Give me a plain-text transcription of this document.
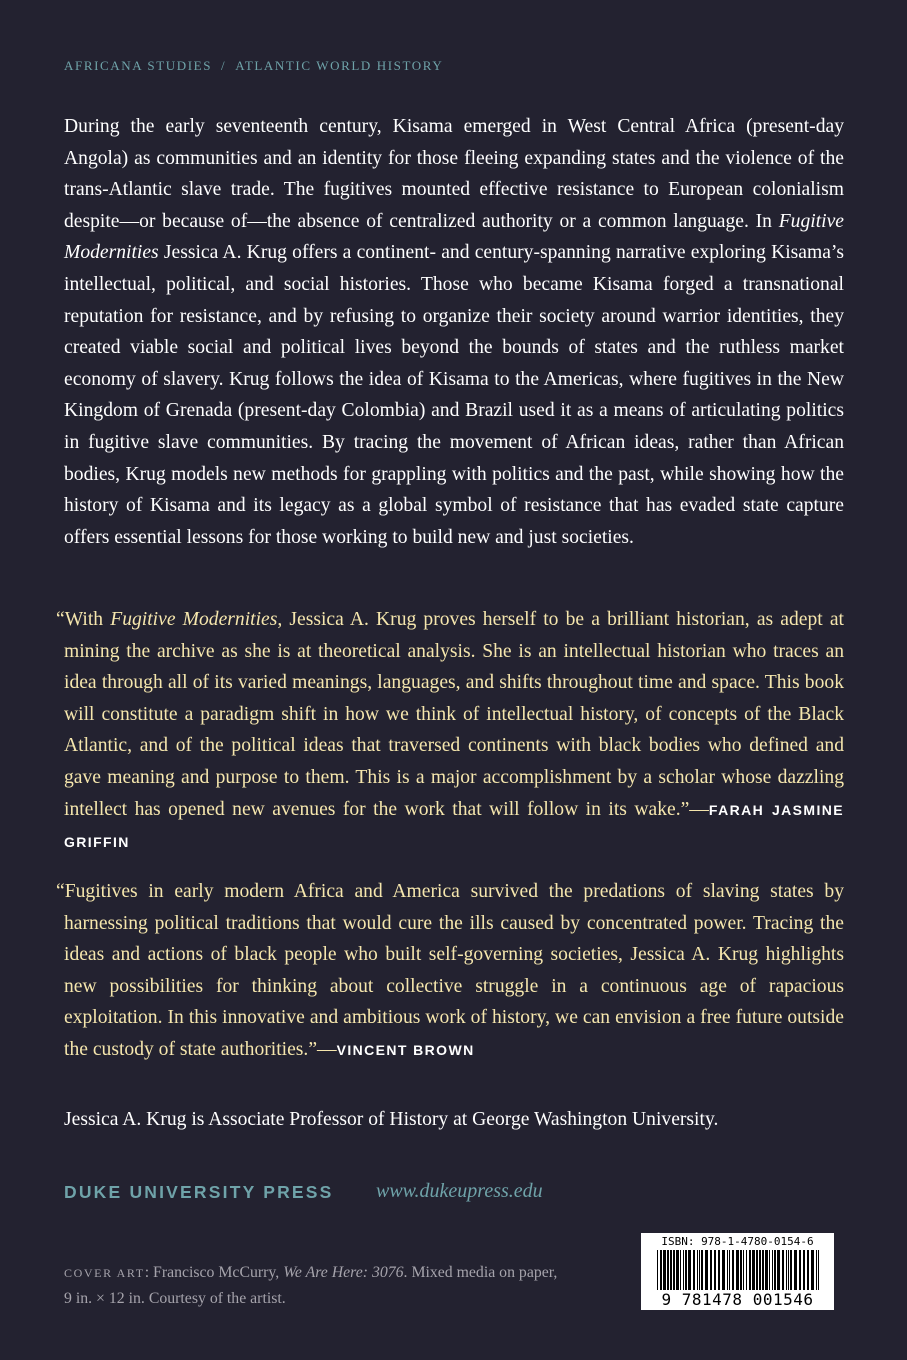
AFRICANA STUDIES / ATLANTIC WORLD HISTORY
During the early seventeenth century, Kisama emerged in West Central Africa (present-day Angola) as communities and an identity for those fleeing expanding states and the violence of the trans-Atlantic slave trade. The fugitives mounted effective resistance to European colonialism despite—or because of—the absence of centralized authority or a common language. In Fugitive Modernities Jessica A. Krug offers a continent- and century-spanning narrative exploring Kisama’s intellectual, political, and social histories. Those who became Kisama forged a transnational reputation for resistance, and by refusing to organize their society around warrior identities, they created viable social and political lives beyond the bounds of states and the ruthless market economy of slavery. Krug follows the idea of Kisama to the Americas, where fugitives in the New Kingdom of Grenada (present-day Colombia) and Brazil used it as a means of articulating politics in fugitive slave communities. By tracing the movement of African ideas, rather than African bodies, Krug models new methods for grappling with politics and the past, while showing how the history of Kisama and its legacy as a global symbol of resistance that has evaded state capture offers essential lessons for those working to build new and just societies.
“With Fugitive Modernities, Jessica A. Krug proves herself to be a brilliant historian, as adept at mining the archive as she is at theoretical analysis. She is an intellectual historian who traces an idea through all of its varied meanings, languages, and shifts throughout time and space. This book will constitute a paradigm shift in how we think of intellectual history, of concepts of the Black Atlantic, and of the political ideas that traversed continents with black bodies who defined and gave meaning and purpose to them. This is a major accomplishment by a scholar whose dazzling intellect has opened new avenues for the work that will follow in its wake.”—FARAH JASMINE GRIFFIN
“Fugitives in early modern Africa and America survived the predations of slaving states by harnessing political traditions that would cure the ills caused by concentrated power. Tracing the ideas and actions of black people who built self-governing societies, Jessica A. Krug highlights new possibilities for thinking about collective struggle in a continuous age of rapacious exploitation. In this innovative and ambitious work of history, we can envision a free future outside the custody of state authorities.”—VINCENT BROWN
Jessica A. Krug is Associate Professor of History at George Washington University.
DUKE UNIVERSITY PRESS www.dukeupress.edu
COVER ART: Francisco McCurry, We Are Here: 3076. Mixed media on paper, 9 in. × 12 in. Courtesy of the artist.
ISBN: 978-1-4780-0154-6
9 781478 001546
